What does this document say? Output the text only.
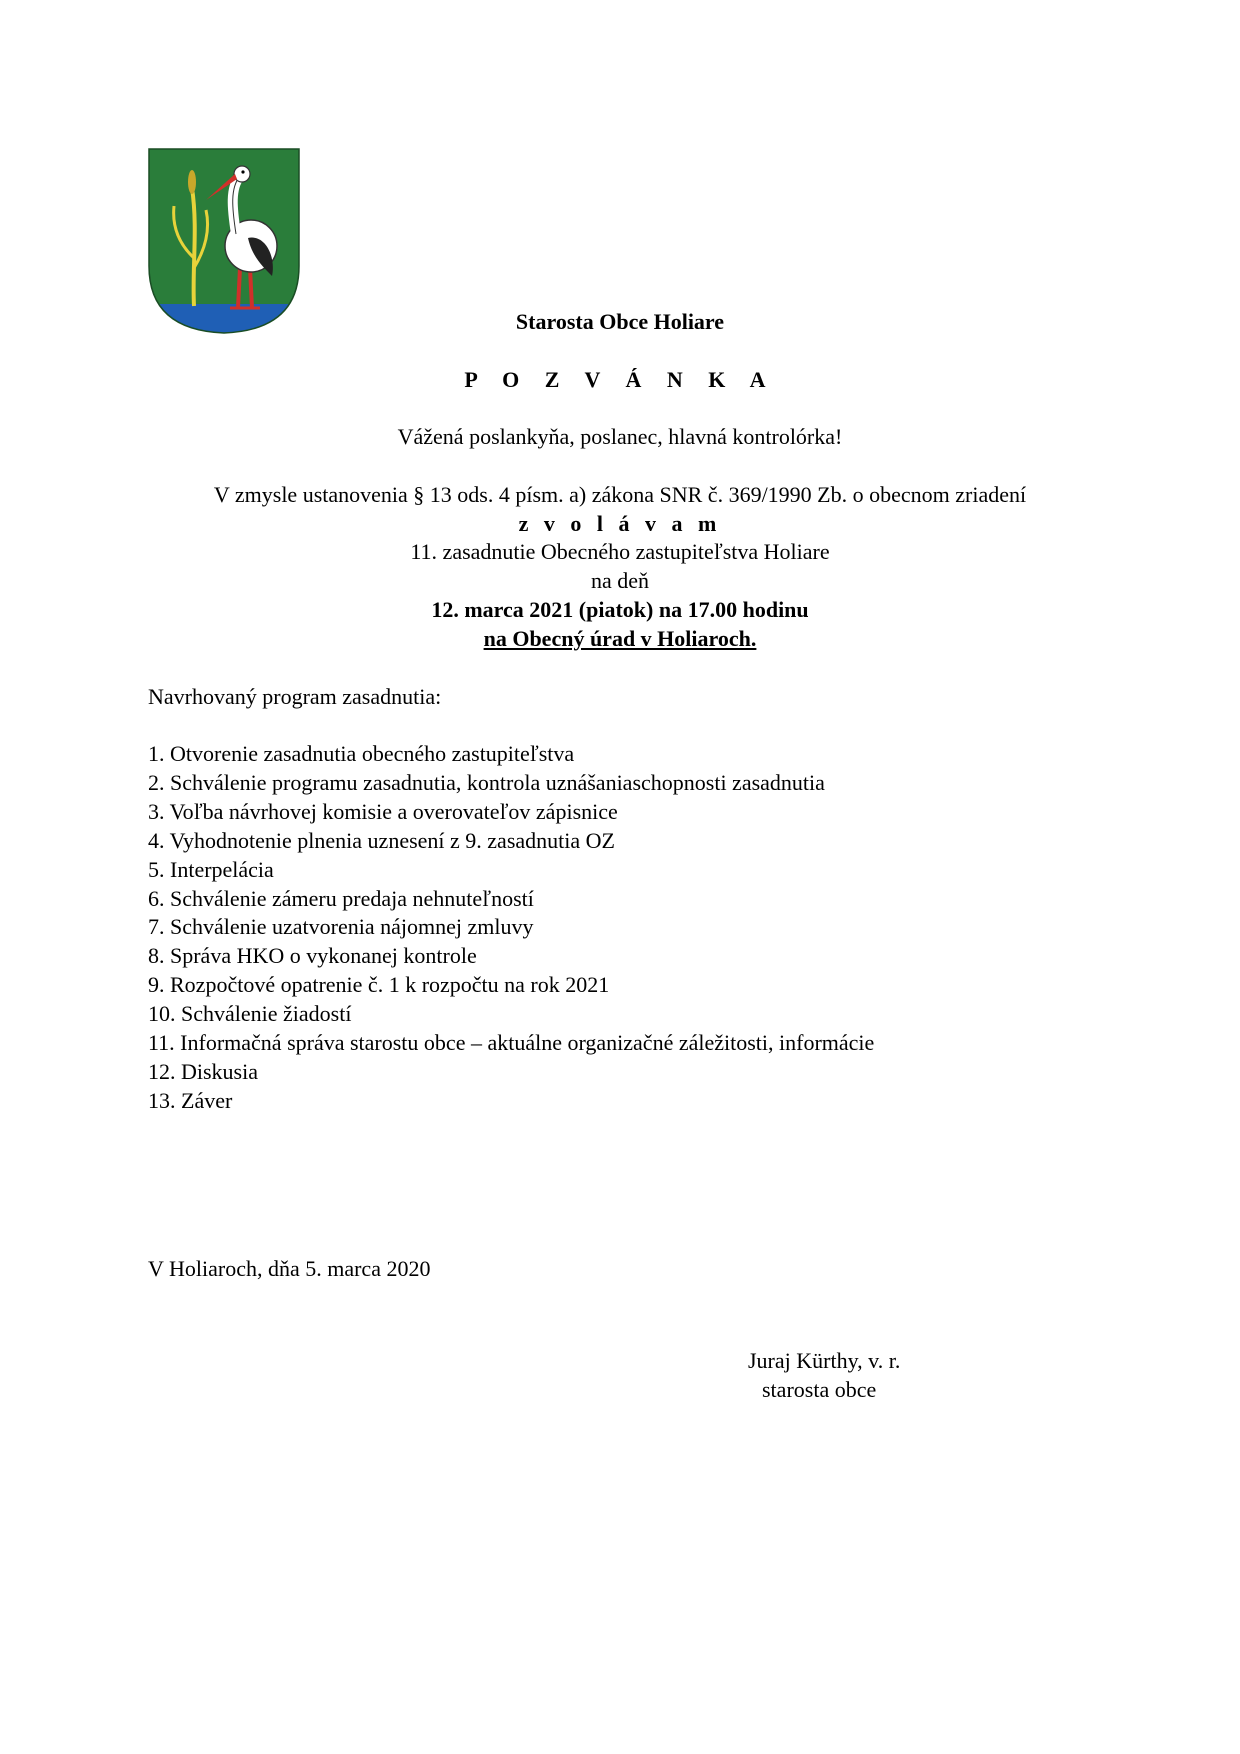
Starosta Obce Holiare
P O Z V Á N K A
Vážená poslankyňa, poslanec, hlavná kontrolórka!
V zmysle ustanovenia § 13 ods. 4 písm. a) zákona SNR č. 369/1990 Zb. o obecnom zriadení
z v o l á v a m
11. zasadnutie Obecného zastupiteľstva Holiare
na deň
12. marca 2021 (piatok) na 17.00 hodinu
na Obecný úrad v Holiaroch.
Navrhovaný program zasadnutia:
1. Otvorenie zasadnutia obecného zastupiteľstva
2. Schválenie programu zasadnutia, kontrola uznášaniaschopnosti zasadnutia
3. Voľba návrhovej komisie a overovateľov zápisnice
4. Vyhodnotenie plnenia uznesení z 9. zasadnutia OZ
5. Interpelácia
6. Schválenie zámeru predaja nehnuteľností
7. Schválenie uzatvorenia nájomnej zmluvy
8. Správa HKO o vykonanej kontrole
9. Rozpočtové opatrenie č. 1 k rozpočtu na rok 2021
10. Schválenie žiadostí
11. Informačná správa starostu obce – aktuálne organizačné záležitosti, informácie
12. Diskusia
13. Záver
V Holiaroch, dňa 5. marca 2020
Juraj Kürthy, v. r.
starosta obce
